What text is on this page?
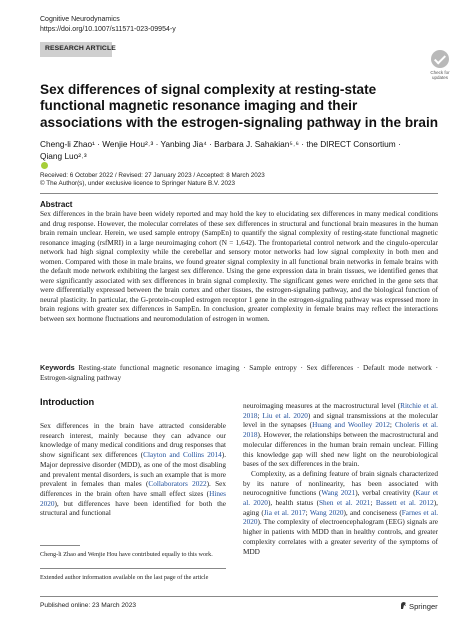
Cognitive Neurodynamics
https://doi.org/10.1007/s11571-023-09954-y
RESEARCH ARTICLE
Check for
updates
Sex differences of signal complexity at resting-state functional magnetic resonance imaging and their associations with the estrogen-signaling pathway in the brain
Cheng-li Zhao¹ · Wenjie Hou²˒³ · Yanbing Jia⁴ · Barbara J. Sahakian⁵˒⁶ · the DIRECT Consortium ·
Qiang Luo²˒³
Received: 6 October 2022 / Revised: 27 January 2023 / Accepted: 8 March 2023
© The Author(s), under exclusive licence to Springer Nature B.V. 2023
Abstract
Sex differences in the brain have been widely reported and may hold the key to elucidating sex differences in many medical conditions and drug response. However, the molecular correlates of these sex differences in structural and functional brain measures in the human brain remain unclear. Herein, we used sample entropy (SampEn) to quantify the signal complexity of resting-state functional magnetic resonance imaging (rsfMRI) in a large neuroimaging cohort (N = 1,642). The frontoparietal control network and the cingulo-opercular network had high signal complexity while the cerebellar and sensory motor networks had low signal complexity in both men and women. Compared with those in male brains, we found greater signal complexity in all functional brain networks in female brains with the default mode network exhibiting the largest sex difference. Using the gene expression data in brain tissues, we identified genes that were significantly associated with sex differences in brain signal complexity. The significant genes were enriched in the gene sets that were differentially expressed between the brain cortex and other tissues, the estrogen-signaling pathway, and the biological function of neural plasticity. In particular, the G-protein-coupled estrogen receptor 1 gene in the estrogen-signaling pathway was expressed more in brain regions with greater sex differences in SampEn. In conclusion, greater complexity in female brains may reflect the interactions between sex hormone fluctuations and neuromodulation of estrogen in women.
Keywords Resting-state functional magnetic resonance imaging · Sample entropy · Sex differences · Default mode network · Estrogen-signaling pathway
Introduction

Sex differences in the brain have attracted considerable research interest, mainly because they can advance our knowledge of many medical conditions and drug responses that show significant sex differences (Clayton and Collins 2014). Major depressive disorder (MDD), as one of the most disabling and prevalent mental disorders, is such an example that is more prevalent in females than males (Collaborators 2022). Sex differences in the brain often have small effect sizes (Hines 2020), but differences have been identified for both the structural and functional

neuroimaging measures at the macrostructural level (Ritchie et al. 2018; Liu et al. 2020) and signal transmissions at the molecular level in the synapses (Huang and Woolley 2012; Choleris et al. 2018). However, the relationships between the macrostructural and molecular differences in the human brain remain unclear. Filling this knowledge gap will shed new light on the neurobiological bases of the sex differences in the brain.

Complexity, as a defining feature of brain signals characterized by its nature of nonlinearity, has been associated with neurocognitive functions (Wang 2021), verbal creativity (Kaur et al. 2020), health status (Shen et al. 2021; Bassett et al. 2012), aging (Jia et al. 2017; Wang 2020), and conciseness (Farnes et al. 2020). The complexity of electroencephalogram (EEG) signals are higher in patients with MDD than in healthy controls, and greater complexity correlates with a greater severity of the symptoms of MDD

Cheng-li Zhao and Wenjie Hou have contributed equally to this work.
Extended author information available on the last page of the article
Published online: 23 March 2023	Springer
